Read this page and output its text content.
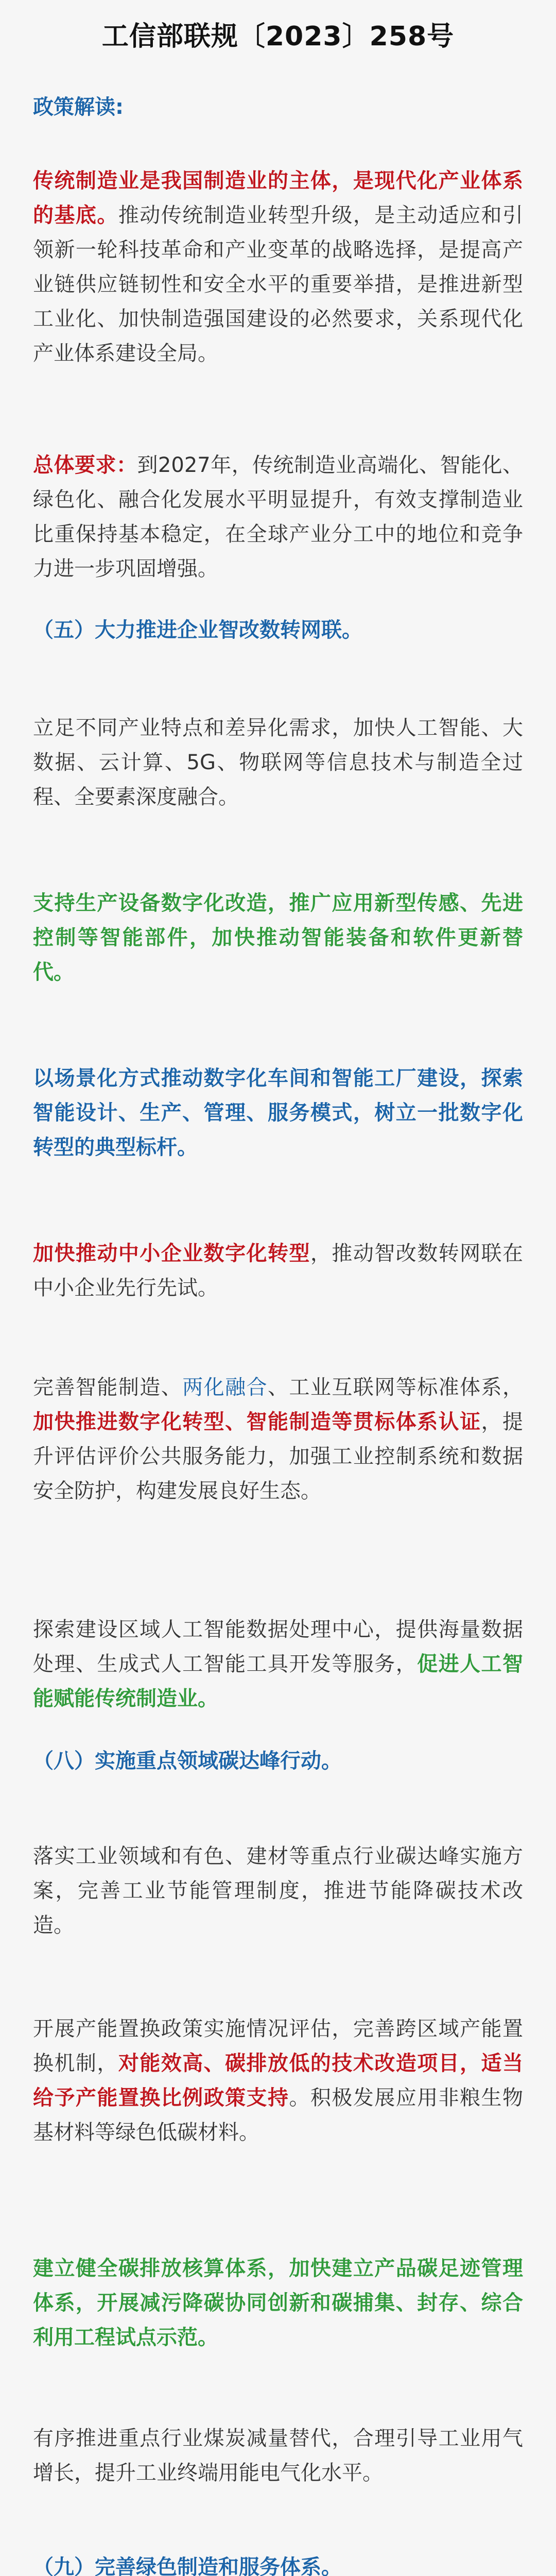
工信部联规〔2023〕258号

政策解读:

传统制造业是我国制造业的主体，是现代化产业体系的基底。推动传统制造业转型升级，是主动适应和引领新一轮科技革命和产业变革的战略选择，是提高产业链供应链韧性和安全水平的重要举措，是推进新型工业化、加快制造强国建设的必然要求，关系现代化产业体系建设全局。

总体要求：到2027年，传统制造业高端化、智能化、绿色化、融合化发展水平明显提升，有效支撑制造业比重保持基本稳定，在全球产业分工中的地位和竞争力进一步巩固增强。

（五）大力推进企业智改数转网联。

立足不同产业特点和差异化需求，加快人工智能、大数据、云计算、5G、物联网等信息技术与制造全过程、全要素深度融合。

支持生产设备数字化改造，推广应用新型传感、先进控制等智能部件，加快推动智能装备和软件更新替代。

以场景化方式推动数字化车间和智能工厂建设，探索智能设计、生产、管理、服务模式，树立一批数字化转型的典型标杆。

加快推动中小企业数字化转型，推动智改数转网联在中小企业先行先试。

完善智能制造、两化融合、工业互联网等标准体系，加快推进数字化转型、智能制造等贯标体系认证，提升评估评价公共服务能力，加强工业控制系统和数据安全防护，构建发展良好生态。

探索建设区域人工智能数据处理中心，提供海量数据处理、生成式人工智能工具开发等服务，促进人工智能赋能传统制造业。

（八）实施重点领域碳达峰行动。

落实工业领域和有色、建材等重点行业碳达峰实施方案，完善工业节能管理制度，推进节能降碳技术改造。

开展产能置换政策实施情况评估，完善跨区域产能置换机制，对能效高、碳排放低的技术改造项目，适当给予产能置换比例政策支持。积极发展应用非粮生物基材料等绿色低碳材料。

建立健全碳排放核算体系，加快建立产品碳足迹管理体系，开展减污降碳协同创新和碳捕集、封存、综合利用工程试点示范。

有序推进重点行业煤炭减量替代，合理引导工业用气增长，提升工业终端用能电气化水平。

（九）完善绿色制造和服务体系。
